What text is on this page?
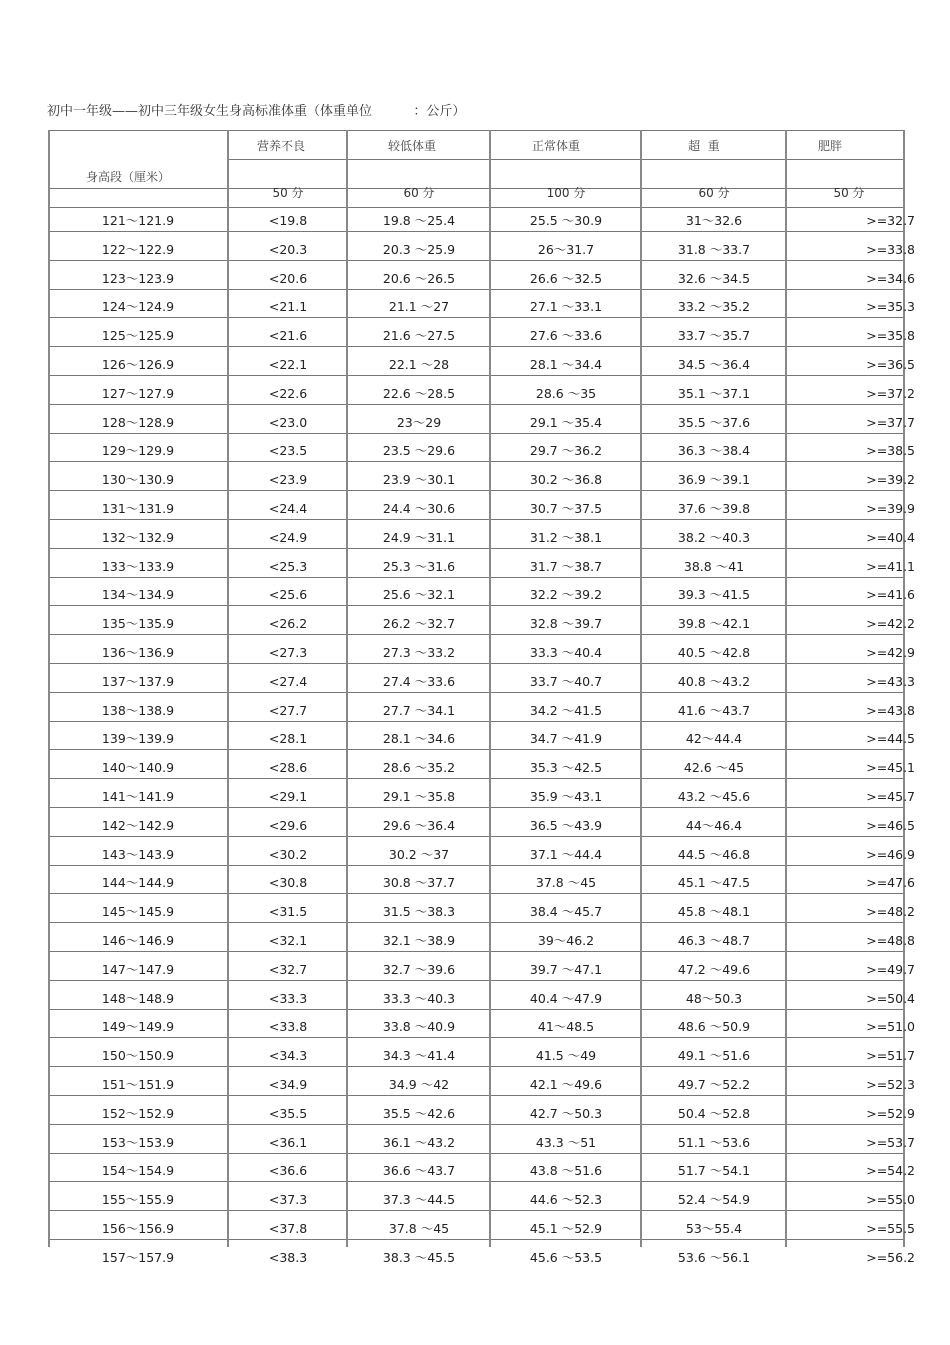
初中一年级——初中三年级女生身高标准体重（体重单位          ：公斤）
身高段（厘米）
营养不良	较低体重	正常体重	超  重	肥胖
50 分	60 分	100 分	60 分	50 分
121～121.9	<19.8	19.8 ～25.4	25.5 ～30.9	31～32.6	>=32.7
122～122.9	<20.3	20.3 ～25.9	26～31.7	31.8 ～33.7	>=33.8
123～123.9	<20.6	20.6 ～26.5	26.6 ～32.5	32.6 ～34.5	>=34.6
124～124.9	<21.1	21.1 ～27	27.1 ～33.1	33.2 ～35.2	>=35.3
125～125.9	<21.6	21.6 ～27.5	27.6 ～33.6	33.7 ～35.7	>=35.8
126～126.9	<22.1	22.1 ～28	28.1 ～34.4	34.5 ～36.4	>=36.5
127～127.9	<22.6	22.6 ～28.5	28.6 ～35	35.1 ～37.1	>=37.2
128～128.9	<23.0	23～29	29.1 ～35.4	35.5 ～37.6	>=37.7
129～129.9	<23.5	23.5 ～29.6	29.7 ～36.2	36.3 ～38.4	>=38.5
130～130.9	<23.9	23.9 ～30.1	30.2 ～36.8	36.9 ～39.1	>=39.2
131～131.9	<24.4	24.4 ～30.6	30.7 ～37.5	37.6 ～39.8	>=39.9
132～132.9	<24.9	24.9 ～31.1	31.2 ～38.1	38.2 ～40.3	>=40.4
133～133.9	<25.3	25.3 ～31.6	31.7 ～38.7	38.8 ～41	>=41.1
134～134.9	<25.6	25.6 ～32.1	32.2 ～39.2	39.3 ～41.5	>=41.6
135～135.9	<26.2	26.2 ～32.7	32.8 ～39.7	39.8 ～42.1	>=42.2
136～136.9	<27.3	27.3 ～33.2	33.3 ～40.4	40.5 ～42.8	>=42.9
137～137.9	<27.4	27.4 ～33.6	33.7 ～40.7	40.8 ～43.2	>=43.3
138～138.9	<27.7	27.7 ～34.1	34.2 ～41.5	41.6 ～43.7	>=43.8
139～139.9	<28.1	28.1 ～34.6	34.7 ～41.9	42～44.4	>=44.5
140～140.9	<28.6	28.6 ～35.2	35.3 ～42.5	42.6 ～45	>=45.1
141～141.9	<29.1	29.1 ～35.8	35.9 ～43.1	43.2 ～45.6	>=45.7
142～142.9	<29.6	29.6 ～36.4	36.5 ～43.9	44～46.4	>=46.5
143～143.9	<30.2	30.2 ～37	37.1 ～44.4	44.5 ～46.8	>=46.9
144～144.9	<30.8	30.8 ～37.7	37.8 ～45	45.1 ～47.5	>=47.6
145～145.9	<31.5	31.5 ～38.3	38.4 ～45.7	45.8 ～48.1	>=48.2
146～146.9	<32.1	32.1 ～38.9	39～46.2	46.3 ～48.7	>=48.8
147～147.9	<32.7	32.7 ～39.6	39.7 ～47.1	47.2 ～49.6	>=49.7
148～148.9	<33.3	33.3 ～40.3	40.4 ～47.9	48～50.3	>=50.4
149～149.9	<33.8	33.8 ～40.9	41～48.5	48.6 ～50.9	>=51.0
150～150.9	<34.3	34.3 ～41.4	41.5 ～49	49.1 ～51.6	>=51.7
151～151.9	<34.9	34.9 ～42	42.1 ～49.6	49.7 ～52.2	>=52.3
152～152.9	<35.5	35.5 ～42.6	42.7 ～50.3	50.4 ～52.8	>=52.9
153～153.9	<36.1	36.1 ～43.2	43.3 ～51	51.1 ～53.6	>=53.7
154～154.9	<36.6	36.6 ～43.7	43.8 ～51.6	51.7 ～54.1	>=54.2
155～155.9	<37.3	37.3 ～44.5	44.6 ～52.3	52.4 ～54.9	>=55.0
156～156.9	<37.8	37.8 ～45	45.1 ～52.9	53～55.4	>=55.5
157～157.9	<38.3	38.3 ～45.5	45.6 ～53.5	53.6 ～56.1	>=56.2
